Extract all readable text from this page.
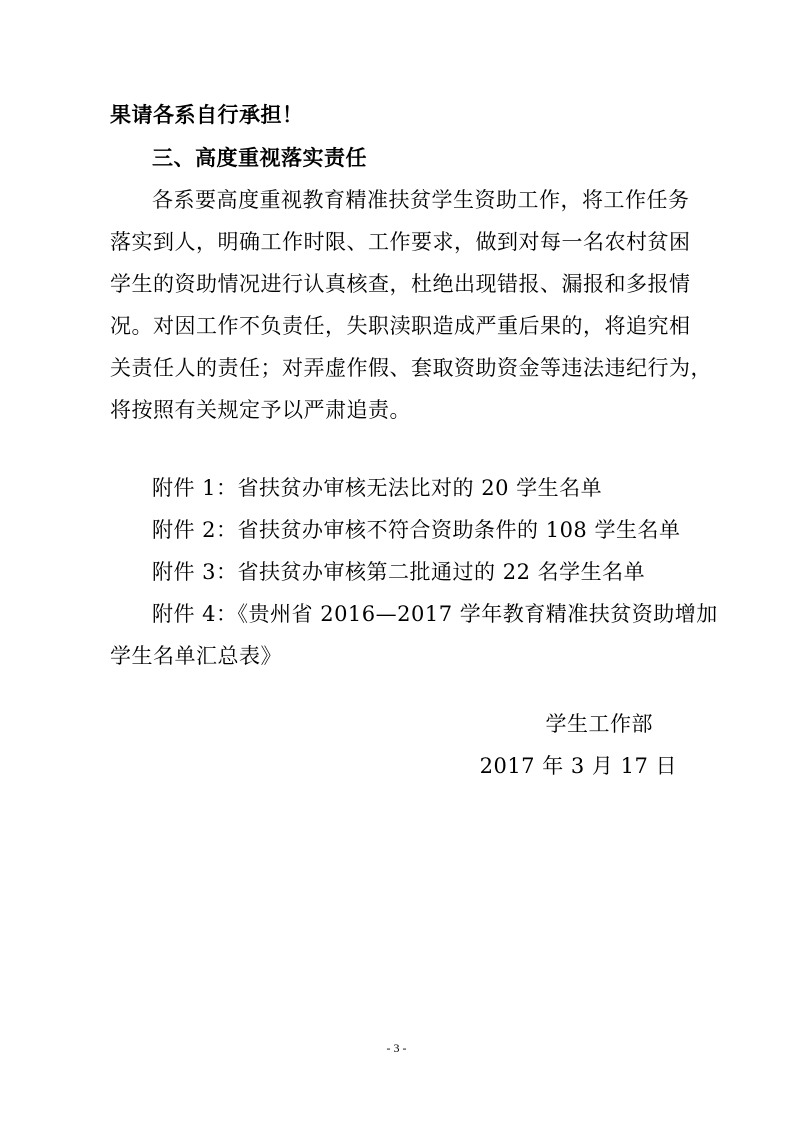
果请各系自行承担！
三、高度重视落实责任
各系要高度重视教育精准扶贫学生资助工作，将工作任务
落实到人，明确工作时限、工作要求，做到对每一名农村贫困
学生的资助情况进行认真核查，杜绝出现错报、漏报和多报情
况。对因工作不负责任，失职渎职造成严重后果的，将追究相
关责任人的责任；对弄虚作假、套取资助资金等违法违纪行为，
将按照有关规定予以严肃追责。
附件 1：省扶贫办审核无法比对的 20 学生名单
附件 2：省扶贫办审核不符合资助条件的 108 学生名单
附件 3：省扶贫办审核第二批通过的 22 名学生名单
附件 4：《贵州省 2016—2017 学年教育精准扶贫资助增加
学生名单汇总表》
学生工作部
2017 年 3 月 17 日
- 3 -
